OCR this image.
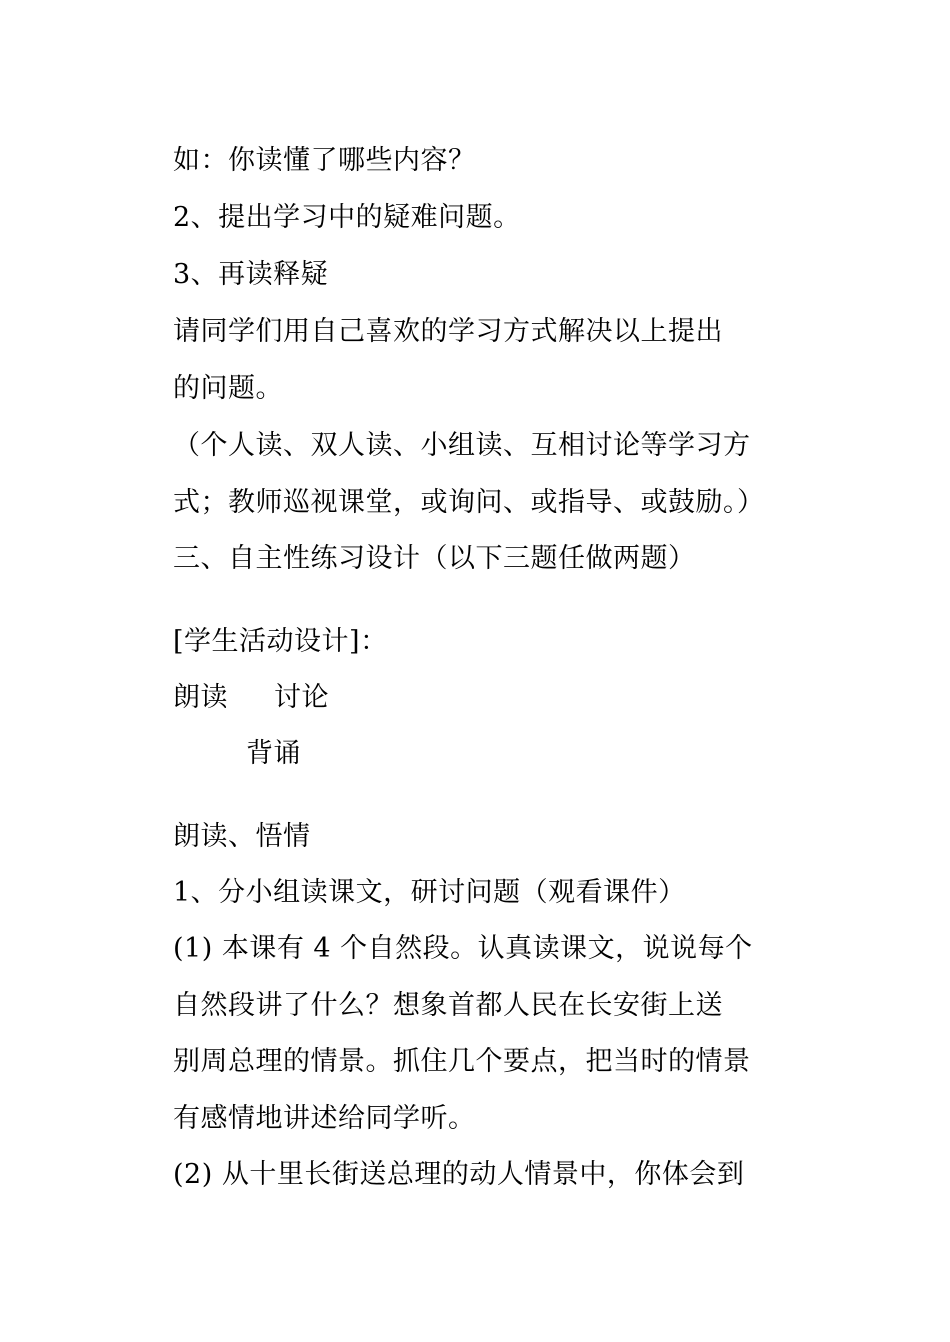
如：你读懂了哪些内容？
2、提出学习中的疑难问题。
3、再读释疑
请同学们用自己喜欢的学习方式解决以上提出
的问题。
（个人读、双人读、小组读、互相讨论等学习方
式；教师巡视课堂，或询问、或指导、或鼓励。）
三、自主性练习设计（以下三题任做两题）
[学生活动设计]：
朗读 讨论
背诵
朗读、悟情
1、分小组读课文，研讨问题（观看课件）
(1) 本课有 4 个自然段。认真读课文，说说每个
自然段讲了什么？想象首都人民在长安街上送
别周总理的情景。抓住几个要点，把当时的情景
有感情地讲述给同学听。
(2) 从十里长街送总理的动人情景中，你体会到
